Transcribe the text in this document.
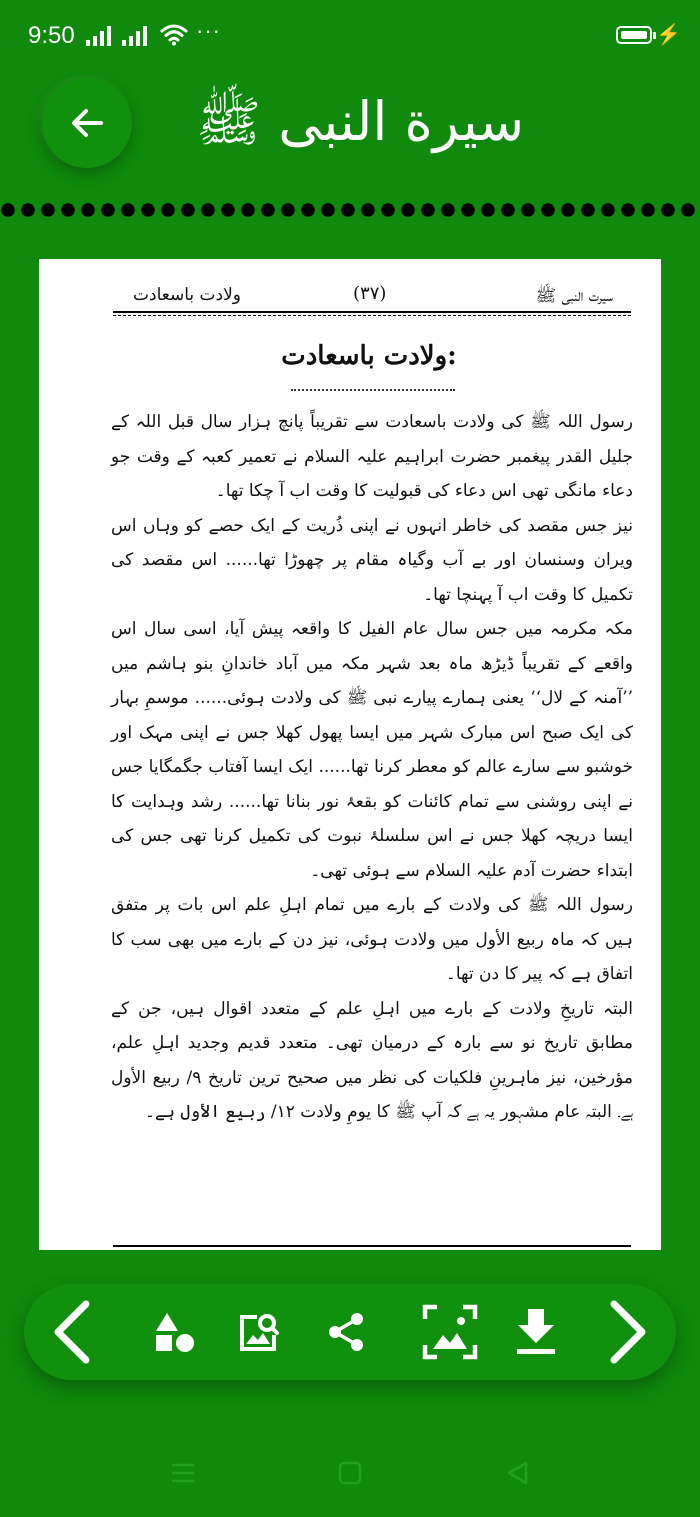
9:50	···	⚡
سیرة النبی ﷺ
ولادت باسعادت	(۳۷)	سیرت النبی ﷺ
ولادت باسعادت:

رسول اللہ ﷺ کی ولادت باسعادت سے تقریباً پانچ ہزار سال قبل اللہ کے جلیل القدر پیغمبر حضرت ابراہیم علیہ السلام نے تعمیر کعبہ کے وقت جو دعاء مانگی تھی اس دعاء کی قبولیت کا وقت اب آ چکا تھا۔

نیز جس مقصد کی خاطر انہوں نے اپنی ذُریت کے ایک حصے کو وہاں اس ویران وسنسان اور بے آب وگیاہ مقام پر چھوڑا تھا...... اس مقصد کی تکمیل کا وقت اب آ پہنچا تھا۔

مکہ مکرمہ میں جس سال عام الفیل کا واقعہ پیش آیا، اسی سال اس واقعے کے تقریباً ڈیڑھ ماہ بعد شہر مکہ میں آباد خاندانِ بنو ہاشم میں ’’آمنہ کے لال‘‘ یعنی ہمارے پیارے نبی ﷺ کی ولادت ہوئی...... موسمِ بہار کی ایک صبح اس مبارک شہر میں ایسا پھول کھلا جس نے اپنی مہک اور خوشبو سے سارے عالم کو معطر کرنا تھا...... ایک ایسا آفتاب جگمگایا جس نے اپنی روشنی سے تمام کائنات کو بقعۂ نور بنانا تھا...... رشد وہدایت کا ایسا دریچہ کھلا جس نے اس سلسلۂ نبوت کی تکمیل کرنا تھی جس کی ابتداء حضرت آدم علیہ السلام سے ہوئی تھی۔

رسول اللہ ﷺ کی ولادت کے بارے میں تمام اہلِ علم اس بات پر متفق ہیں کہ ماہ ربیع الأول میں ولادت ہوئی، نیز دن کے بارے میں بھی سب کا اتفاق ہے کہ پیر کا دن تھا۔

البتہ تاریخِ ولادت کے بارے میں اہلِ علم کے متعدد اقوال ہیں، جن کے مطابق تاریخ نو سے بارہ کے درمیان تھی۔ متعدد قدیم وجدید اہلِ علم، مؤرخین، نیز ماہرینِ فلکیات کی نظر میں صحیح ترین تاریخ ۹/ ربیع الأول ہے۔ البتہ عام مشہور یہ ہے کہ آپ ﷺ کا یومِ ولادت ۱۲/ ربیع الأول ہے۔
